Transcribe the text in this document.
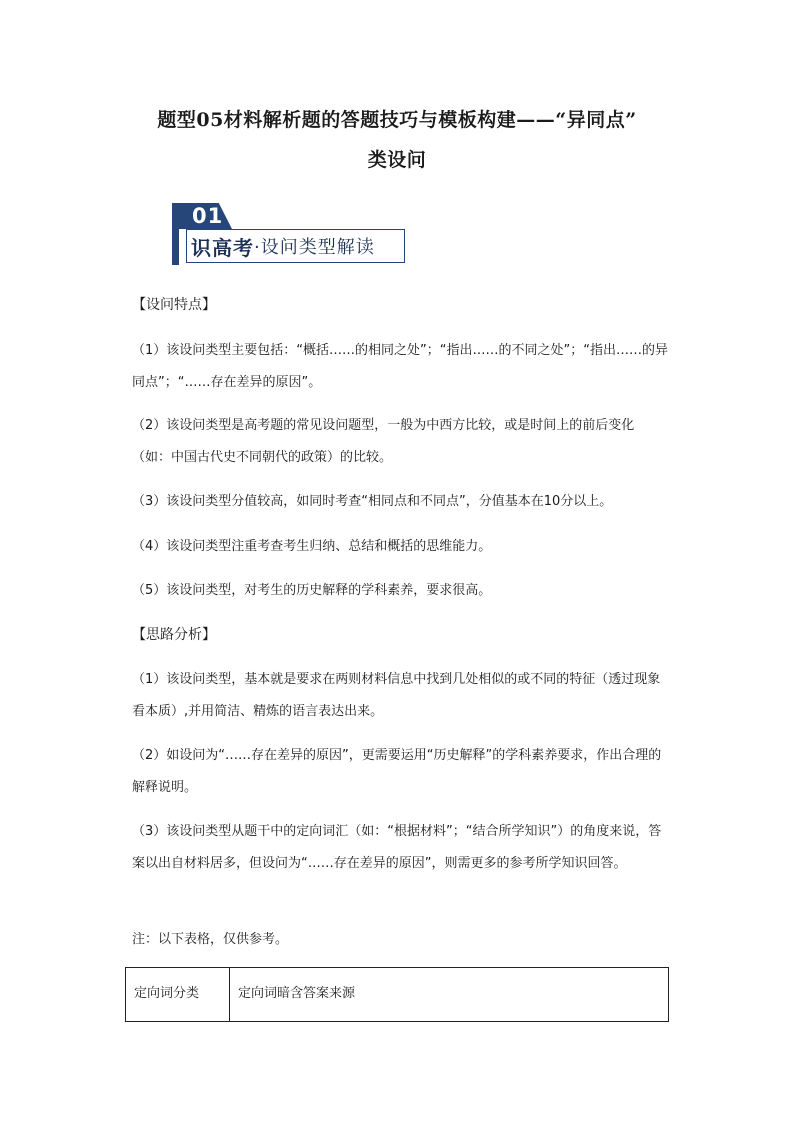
题型05材料解析题的答题技巧与模板构建——“异同点”
类设问
01
识高考 ·设问类型解读
【设问特点】
（1）该设问类型主要包括：“概括……的相同之处”；“指出……的不同之处”；“指出……的异同点”；“……存在差异的原因”。
（2）该设问类型是高考题的常见设问题型，一般为中西方比较，或是时间上的前后变化（如：中国古代史不同朝代的政策）的比较。
（3）该设问类型分值较高，如同时考查“相同点和不同点”，分值基本在10分以上。
（4）该设问类型注重考查考生归纳、总结和概括的思维能力。
（5）该设问类型，对考生的历史解释的学科素养，要求很高。
【思路分析】
（1）该设问类型，基本就是要求在两则材料信息中找到几处相似的或不同的特征（透过现象看本质）,并用简洁、精炼的语言表达出来。
（2）如设问为“……存在差异的原因”，更需要运用“历史解释”的学科素养要求，作出合理的解释说明。
（3）该设问类型从题干中的定向词汇（如：“根据材料”；“结合所学知识”）的角度来说，答案以出自材料居多，但设问为“……存在差异的原因”，则需更多的参考所学知识回答。
注：以下表格，仅供参考。
定向词分类	定向词暗含答案来源
